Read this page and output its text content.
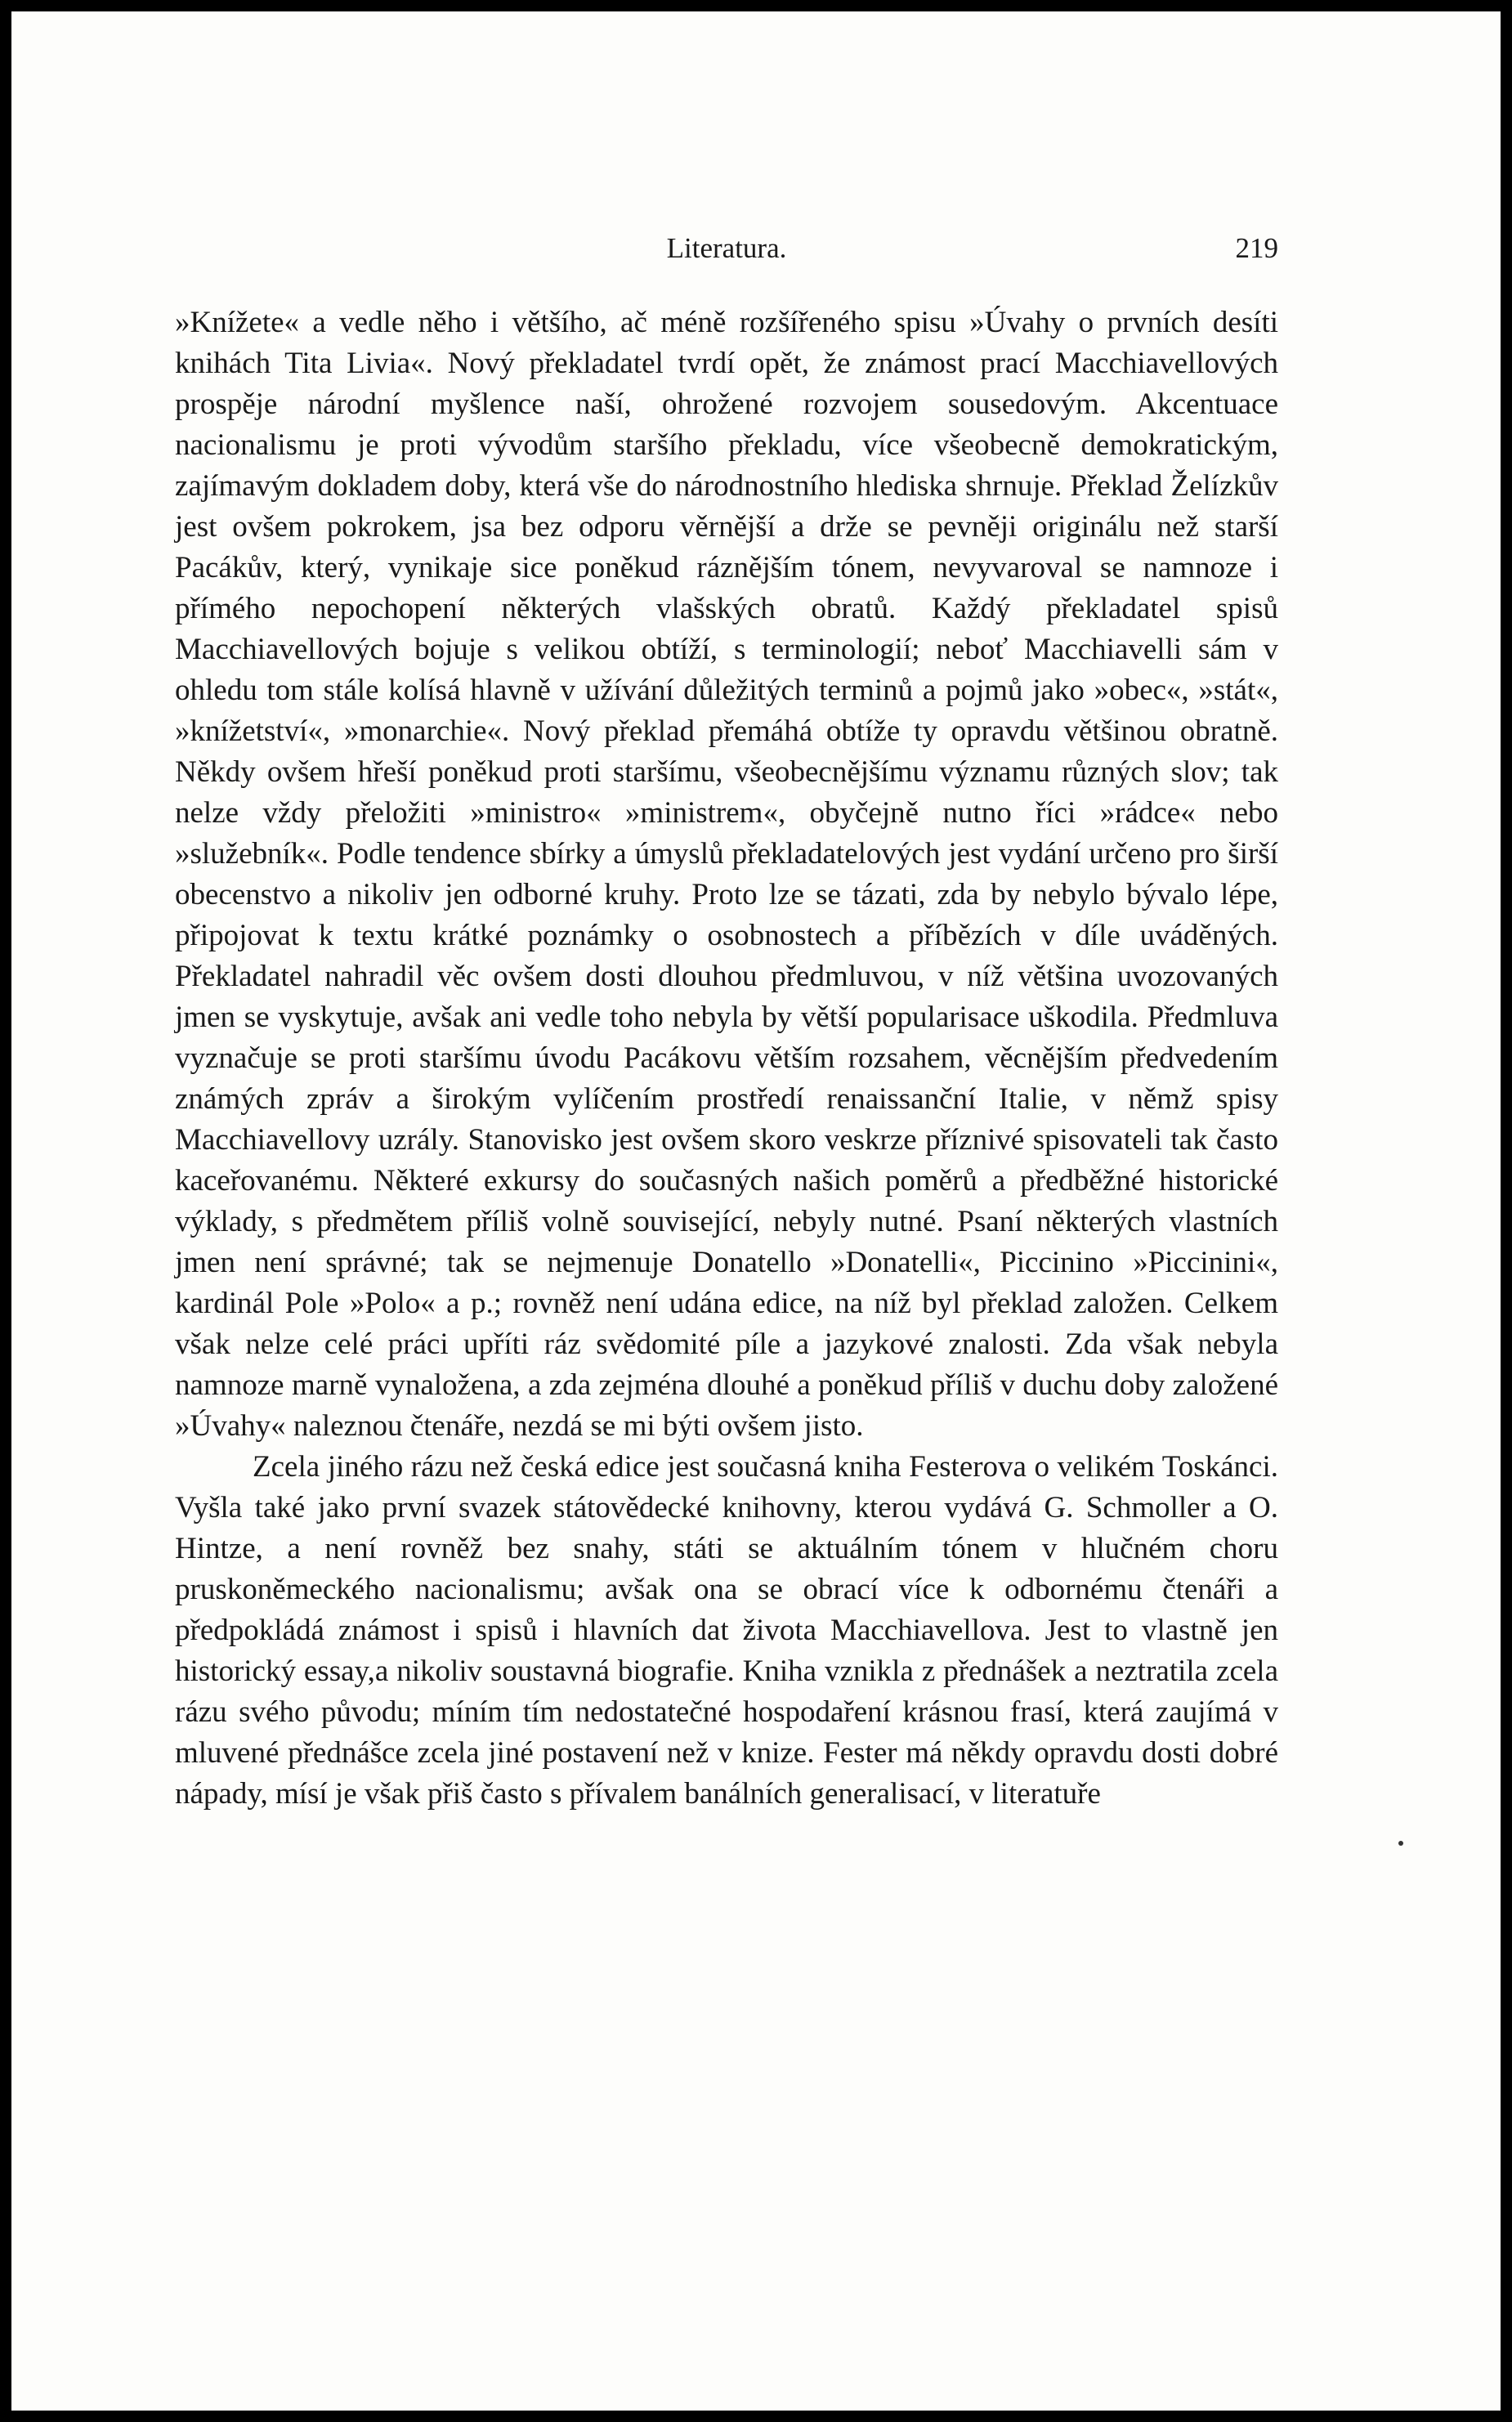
Literatura.	219

»Knížete« a vedle něho i většího, ač méně rozšířeného spisu »Úvahy o prvních desíti knihách Tita Livia«. Nový překladatel tvrdí opět, že známost prací Macchiavellových prospěje národní myšlence naší, ohrožené rozvojem sousedovým. Akcentuace nacionalismu je proti vývodům staršího překladu, více všeobecně demokratickým, zajímavým dokladem doby, která vše do národnostního hlediska shrnuje. Překlad Želízkův jest ovšem pokrokem, jsa bez odporu věrnější a drže se pevněji originálu než starší Pacákův, který, vynikaje sice poněkud ráznějším tónem, nevyvaroval se namnoze i přímého nepochopení některých vlašských obratů. Každý překladatel spisů Macchiavellových bojuje s velikou obtíží, s terminologií; neboť Macchiavelli sám v ohledu tom stále kolísá hlavně v užívání důležitých terminů a pojmů jako »obec«, »stát«, »knížetství«, »monarchie«. Nový překlad přemáhá obtíže ty opravdu většinou obratně. Někdy ovšem hřeší poněkud proti staršímu, všeobecnějšímu významu různých slov; tak nelze vždy přeložiti »ministro« »ministrem«, obyčejně nutno říci »rádce« nebo »služebník«. Podle tendence sbírky a úmyslů překladatelových jest vydání určeno pro širší obecenstvo a nikoliv jen odborné kruhy. Proto lze se tázati, zda by nebylo bývalo lépe, připojovat k textu krátké poznámky o osobnostech a příbězích v díle uváděných. Překladatel nahradil věc ovšem dosti dlouhou předmluvou, v níž většina uvozovaných jmen se vyskytuje, avšak ani vedle toho nebyla by větší popularisace uškodila. Předmluva vyznačuje se proti staršímu úvodu Pacákovu větším rozsahem, věcnějším předvedením známých zpráv a širokým vylíčením prostředí renaissanční Italie, v němž spisy Macchiavellovy uzrály. Stanovisko jest ovšem skoro veskrze příznivé spisovateli tak často kaceřovanému. Některé exkursy do současných našich poměrů a předběžné historické výklady, s předmětem příliš volně související, nebyly nutné. Psaní některých vlastních jmen není správné; tak se nejmenuje Donatello »Donatelli«, Piccinino »Piccinini«, kardinál Pole »Polo« a p.; rovněž není udána edice, na níž byl překlad založen. Celkem však nelze celé práci upříti ráz svědomité píle a jazykové znalosti. Zda však nebyla namnoze marně vynaložena, a zda zejména dlouhé a poněkud příliš v duchu doby založené »Úvahy« naleznou čtenáře, nezdá se mi býti ovšem jisto.

Zcela jiného rázu než česká edice jest současná kniha Festerova o velikém Toskánci. Vyšla také jako první svazek státovědecké knihovny, kterou vydává G. Schmoller a O. Hintze, a není rovněž bez snahy, státi se aktuálním tónem v hlučném choru pruskoněmeckého nacionalismu; avšak ona se obrací více k odbornému čtenáři a předpokládá známost i spisů i hlavních dat života Macchiavellova. Jest to vlastně jen historický essay,a nikoliv soustavná biografie. Kniha vznikla z přednášek a neztratila zcela rázu svého původu; míním tím nedostatečné hospodaření krásnou frasí, která zaujímá v mluvené přednášce zcela jiné postavení než v knize. Fester má někdy opravdu dosti dobré nápady, mísí je však přiš často s přívalem banálních generalisací, v literatuře
